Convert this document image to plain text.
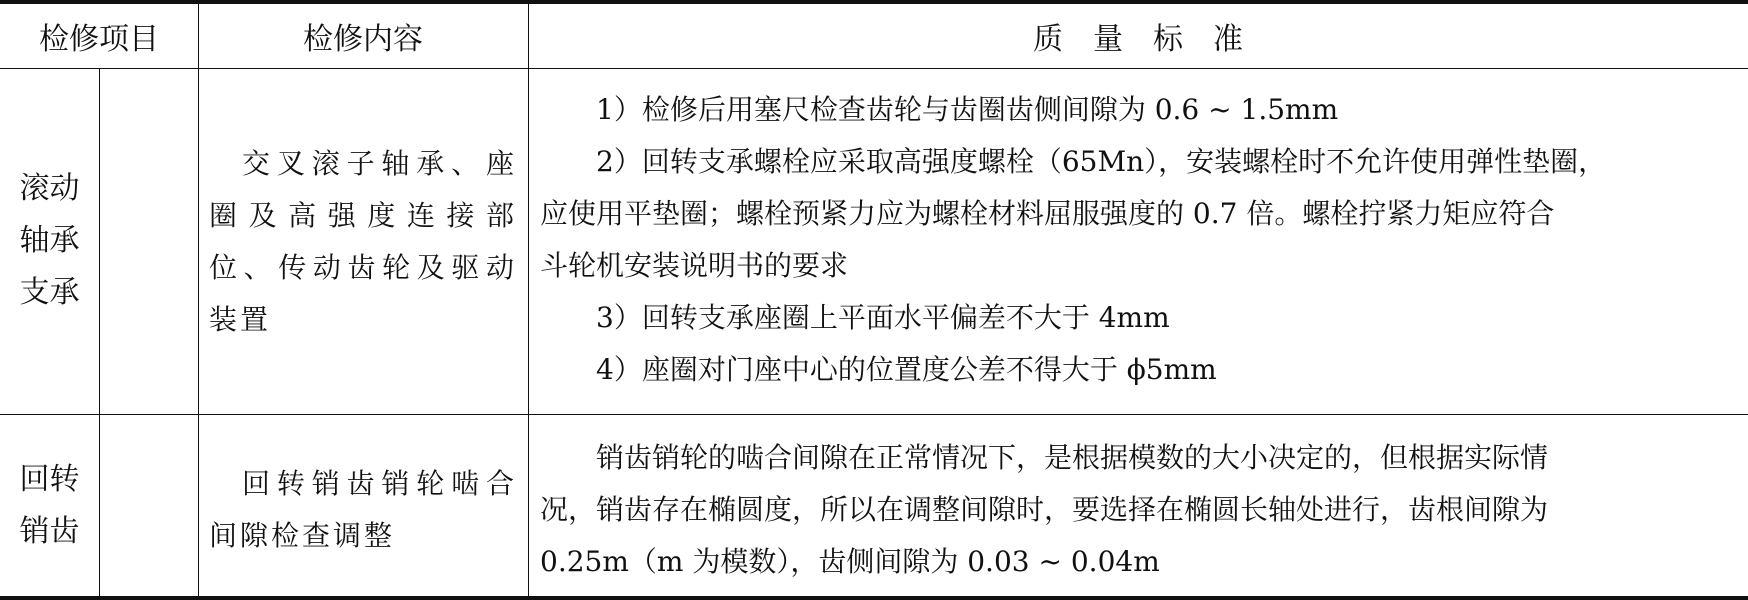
检修项目	检修内容	质　量　标　准
滚动
轴承
支承
交叉滚子轴承、座圈及高强度连接部位、传动齿轮及驱动装置
1）检修后用塞尺检查齿轮与齿圈齿侧间隙为 0.6 ~ 1.5mm
2）回转支承螺栓应采取高强度螺栓（65Mn），安装螺栓时不允许使用弹性垫圈，
应使用平垫圈；螺栓预紧力应为螺栓材料屈服强度的 0.7 倍。螺栓拧紧力矩应符合
斗轮机安装说明书的要求
3）回转支承座圈上平面水平偏差不大于 4mm
4）座圈对门座中心的位置度公差不得大于 ϕ5mm
回转
销齿
回转销齿销轮啮合间隙检查调整
销齿销轮的啮合间隙在正常情况下，是根据模数的大小决定的，但根据实际情
况，销齿存在椭圆度，所以在调整间隙时，要选择在椭圆长轴处进行，齿根间隙为
0.25m（m 为模数），齿侧间隙为 0.03 ~ 0.04m
